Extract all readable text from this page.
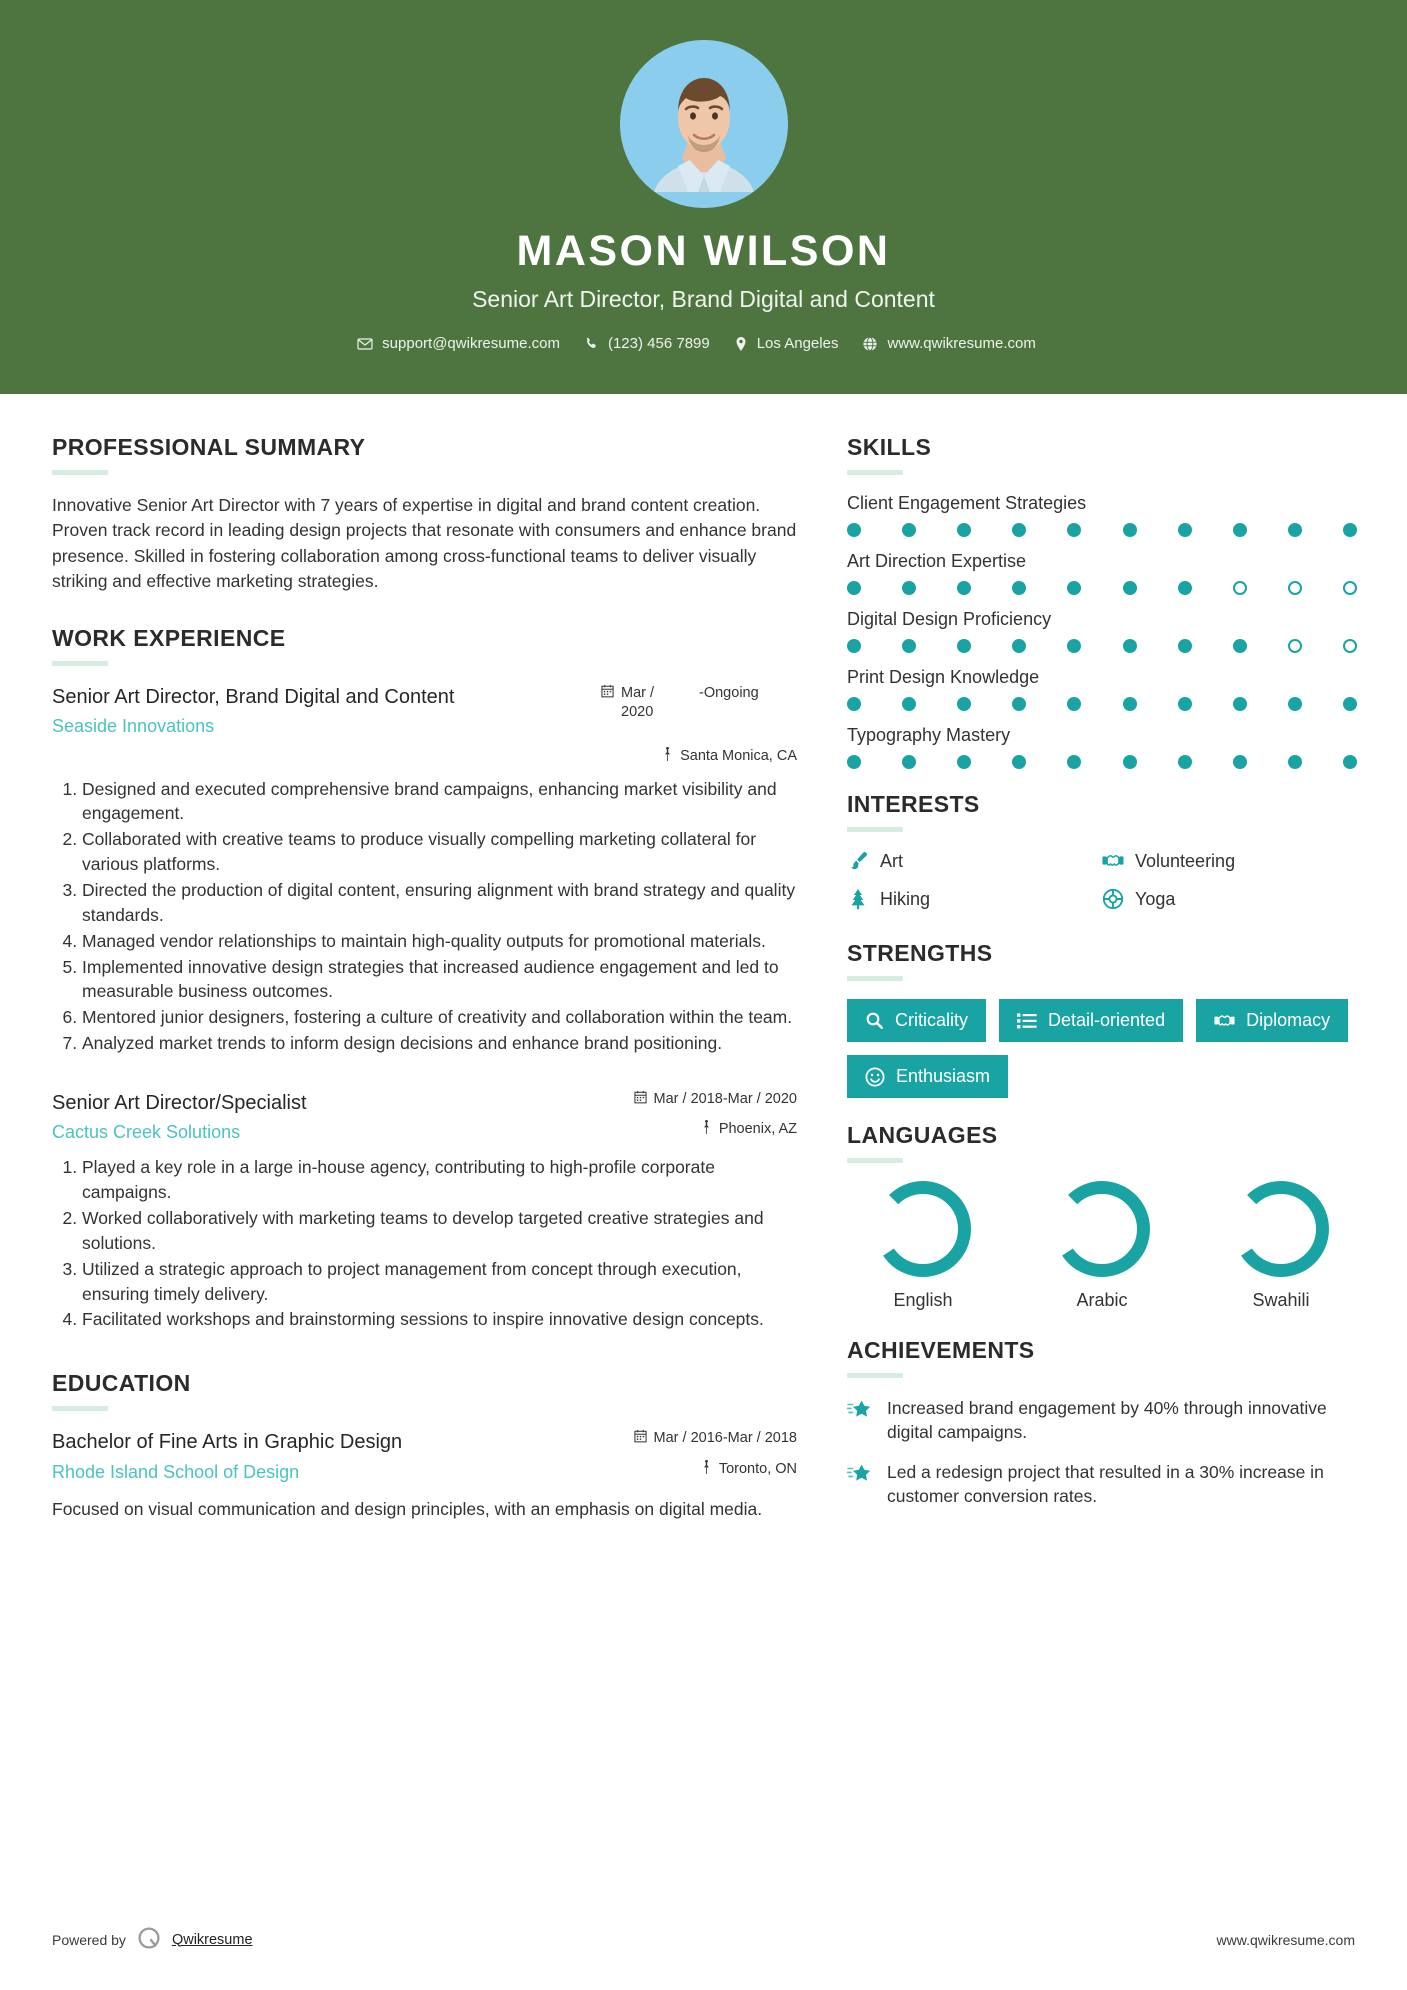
MASON WILSON
Senior Art Director, Brand Digital and Content
support@qwikresume.com	(123) 456 7899	Los Angeles	www.qwikresume.com
PROFESSIONAL SUMMARY

Innovative Senior Art Director with 7 years of expertise in digital and brand content creation. Proven track record in leading design projects that resonate with consumers and enhance brand presence. Skilled in fostering collaboration among cross-functional teams to deliver visually striking and effective marketing strategies.

WORK EXPERIENCE
Senior Art Director, Brand Digital and Content
Seaside Innovations
Mar / 2020
-Ongoing
Santa Monica, CA
1. Designed and executed comprehensive brand campaigns, enhancing market visibility and engagement.
2. Collaborated with creative teams to produce visually compelling marketing collateral for various platforms.
3. Directed the production of digital content, ensuring alignment with brand strategy and quality standards.
4. Managed vendor relationships to maintain high-quality outputs for promotional materials.
5. Implemented innovative design strategies that increased audience engagement and led to measurable business outcomes.
6. Mentored junior designers, fostering a culture of creativity and collaboration within the team.
7. Analyzed market trends to inform design decisions and enhance brand positioning.
Senior Art Director/Specialist
Cactus Creek Solutions
Mar / 2018-Mar / 2020
Phoenix, AZ
1. Played a key role in a large in-house agency, contributing to high-profile corporate campaigns.
2. Worked collaboratively with marketing teams to develop targeted creative strategies and solutions.
3. Utilized a strategic approach to project management from concept through execution, ensuring timely delivery.
4. Facilitated workshops and brainstorming sessions to inspire innovative design concepts.
EDUCATION
Bachelor of Fine Arts in Graphic Design
Rhode Island School of Design
Mar / 2016-Mar / 2018
Toronto, ON
Focused on visual communication and design principles, with an emphasis on digital media.
SKILLS
Client Engagement Strategies
Art Direction Expertise
Digital Design Proficiency
Print Design Knowledge
Typography Mastery
INTERESTS
Art	Volunteering
Hiking	Yoga
STRENGTHS
Criticality	Detail-oriented	Diplomacy
Enthusiasm
LANGUAGES
English	Arabic	Swahili
ACHIEVEMENTS
Increased brand engagement by 40% through innovative digital campaigns.
Led a redesign project that resulted in a 30% increase in customer conversion rates.
Powered by	Qwikresume	www.qwikresume.com
